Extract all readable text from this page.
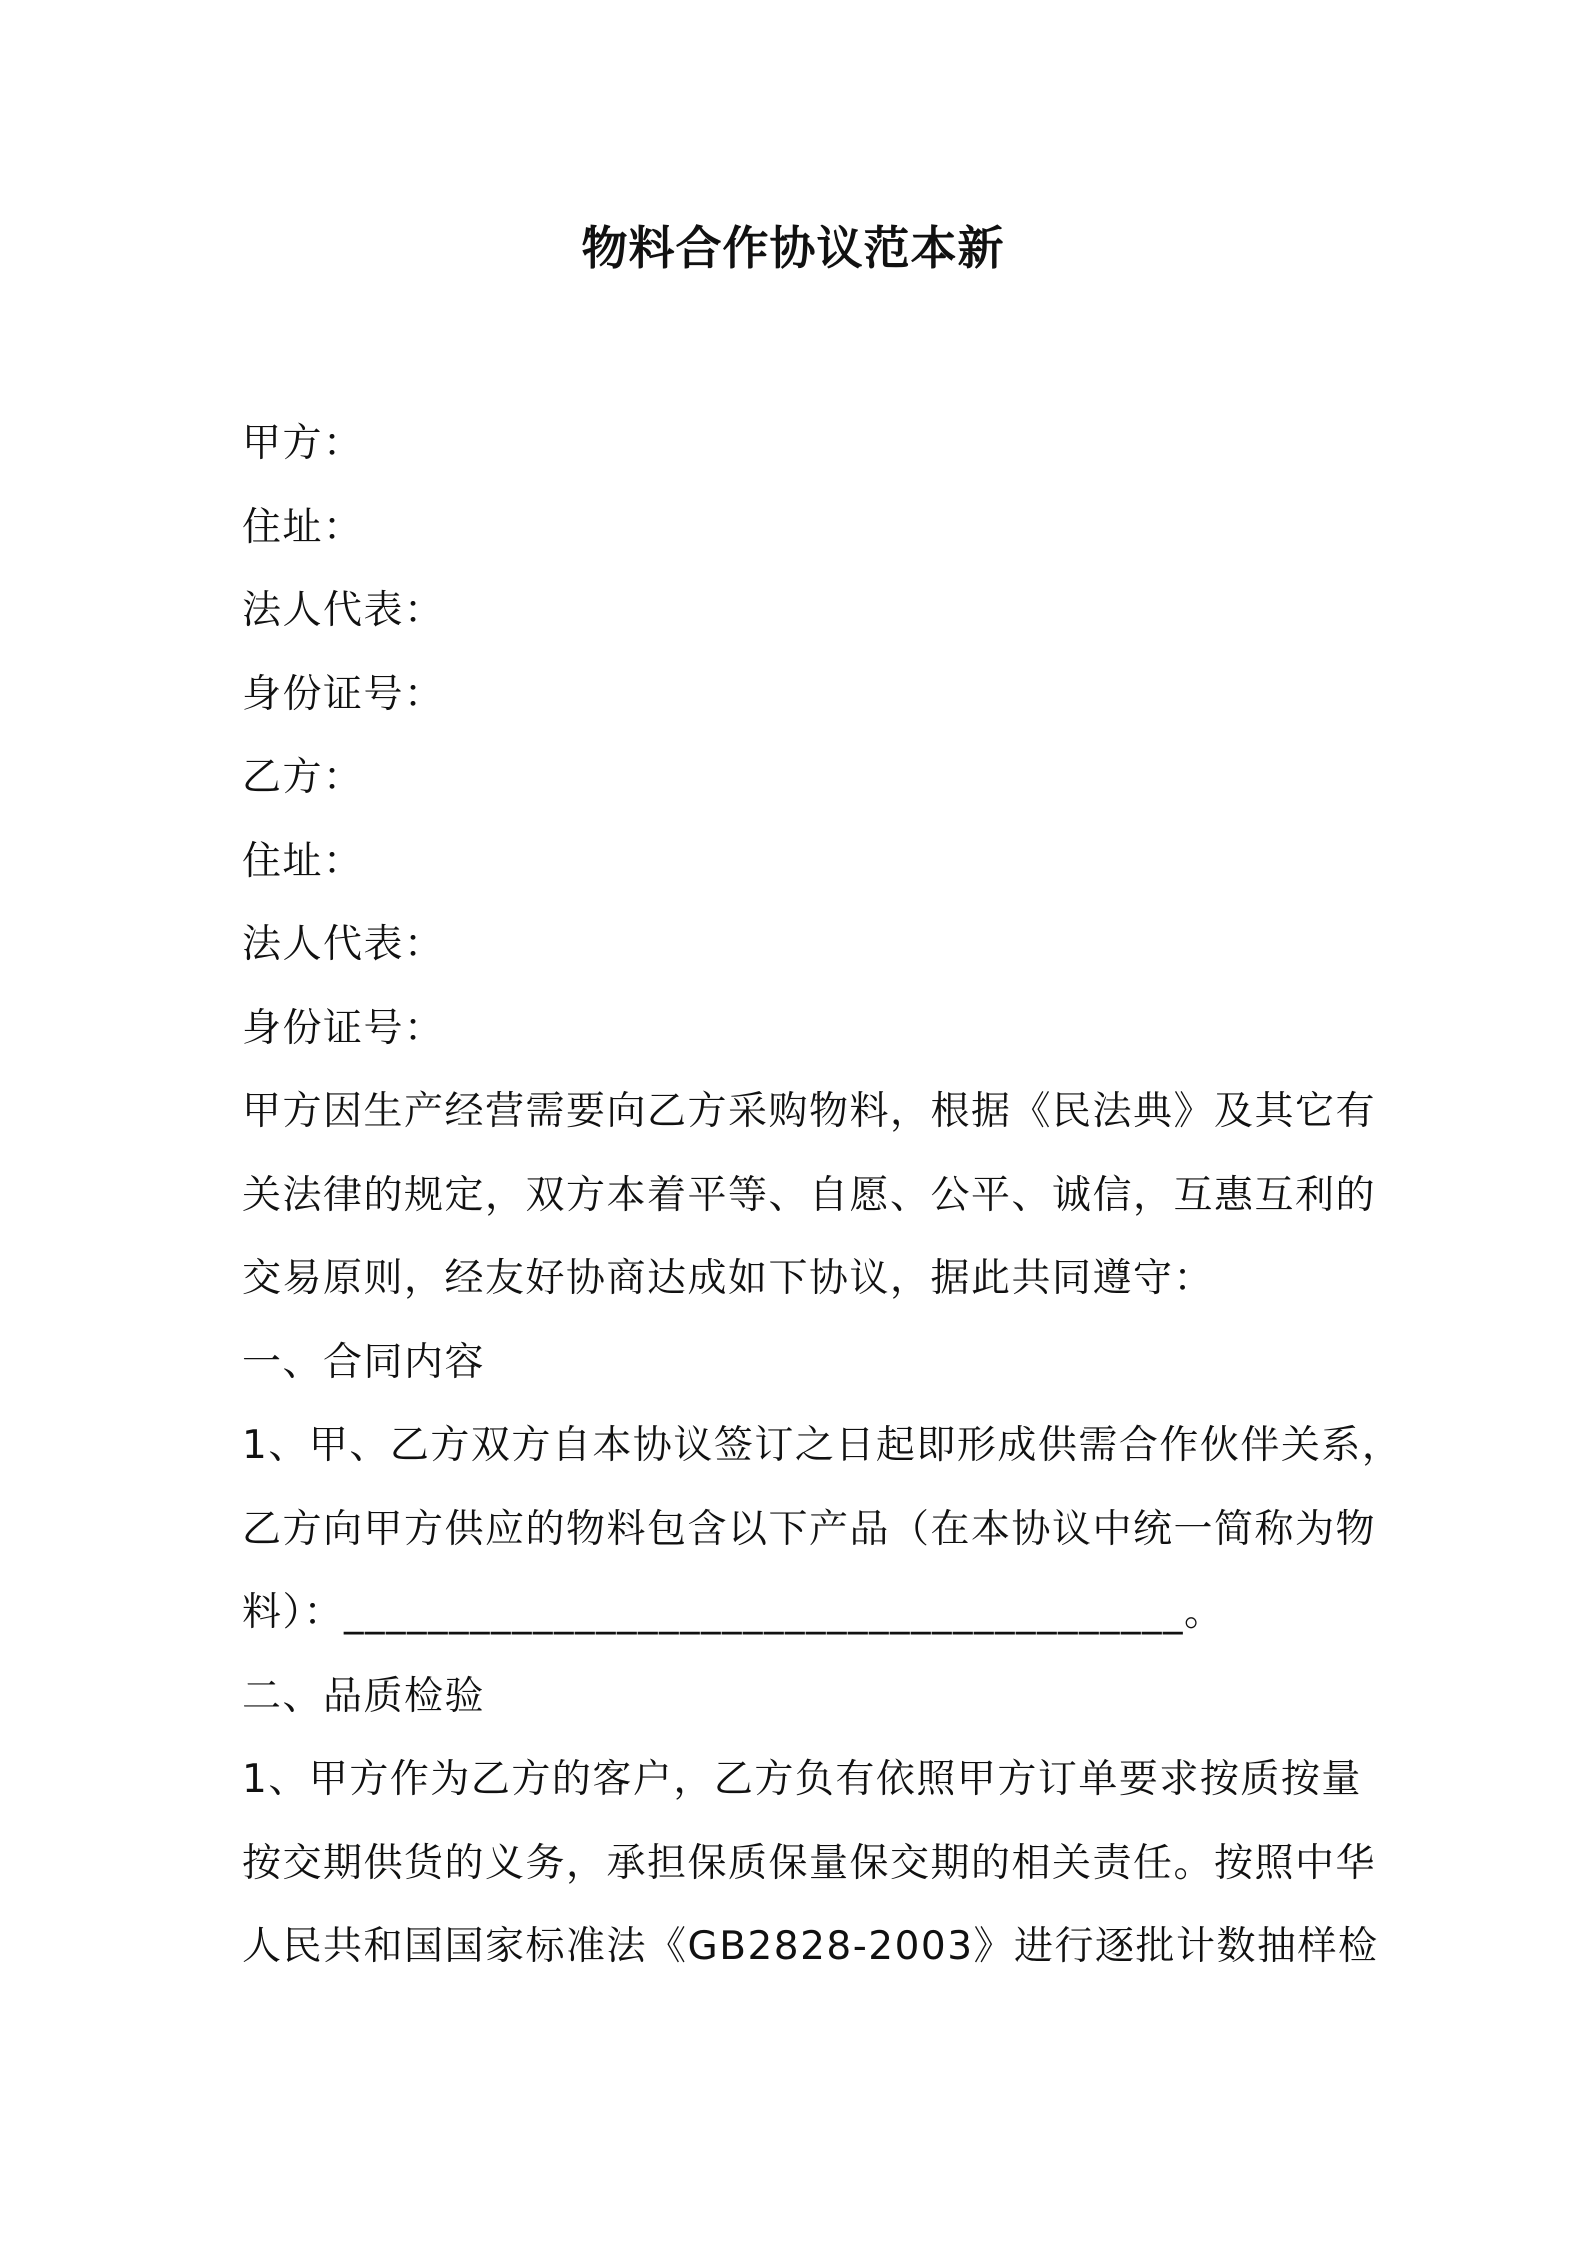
物料合作协议范本新
甲方：
住址：
法人代表：
身份证号：
乙方：
住址：
法人代表：
身份证号：
甲方因生产经营需要向乙方采购物料，根据《民法典》及其它有
关法律的规定，双方本着平等、自愿、公平、诚信，互惠互利的
交易原则，经友好协商达成如下协议，据此共同遵守：
一、合同内容
1、甲、乙方双方自本协议签订之日起即形成供需合作伙伴关系，
乙方向甲方供应的物料包含以下产品（在本协议中统一简称为物
料）：________________________________________。
二、品质检验
1、甲方作为乙方的客户，乙方负有依照甲方订单要求按质按量
按交期供货的义务，承担保质保量保交期的相关责任。按照中华
人民共和国国家标准法《GB2828-2003》进行逐批计数抽样检
